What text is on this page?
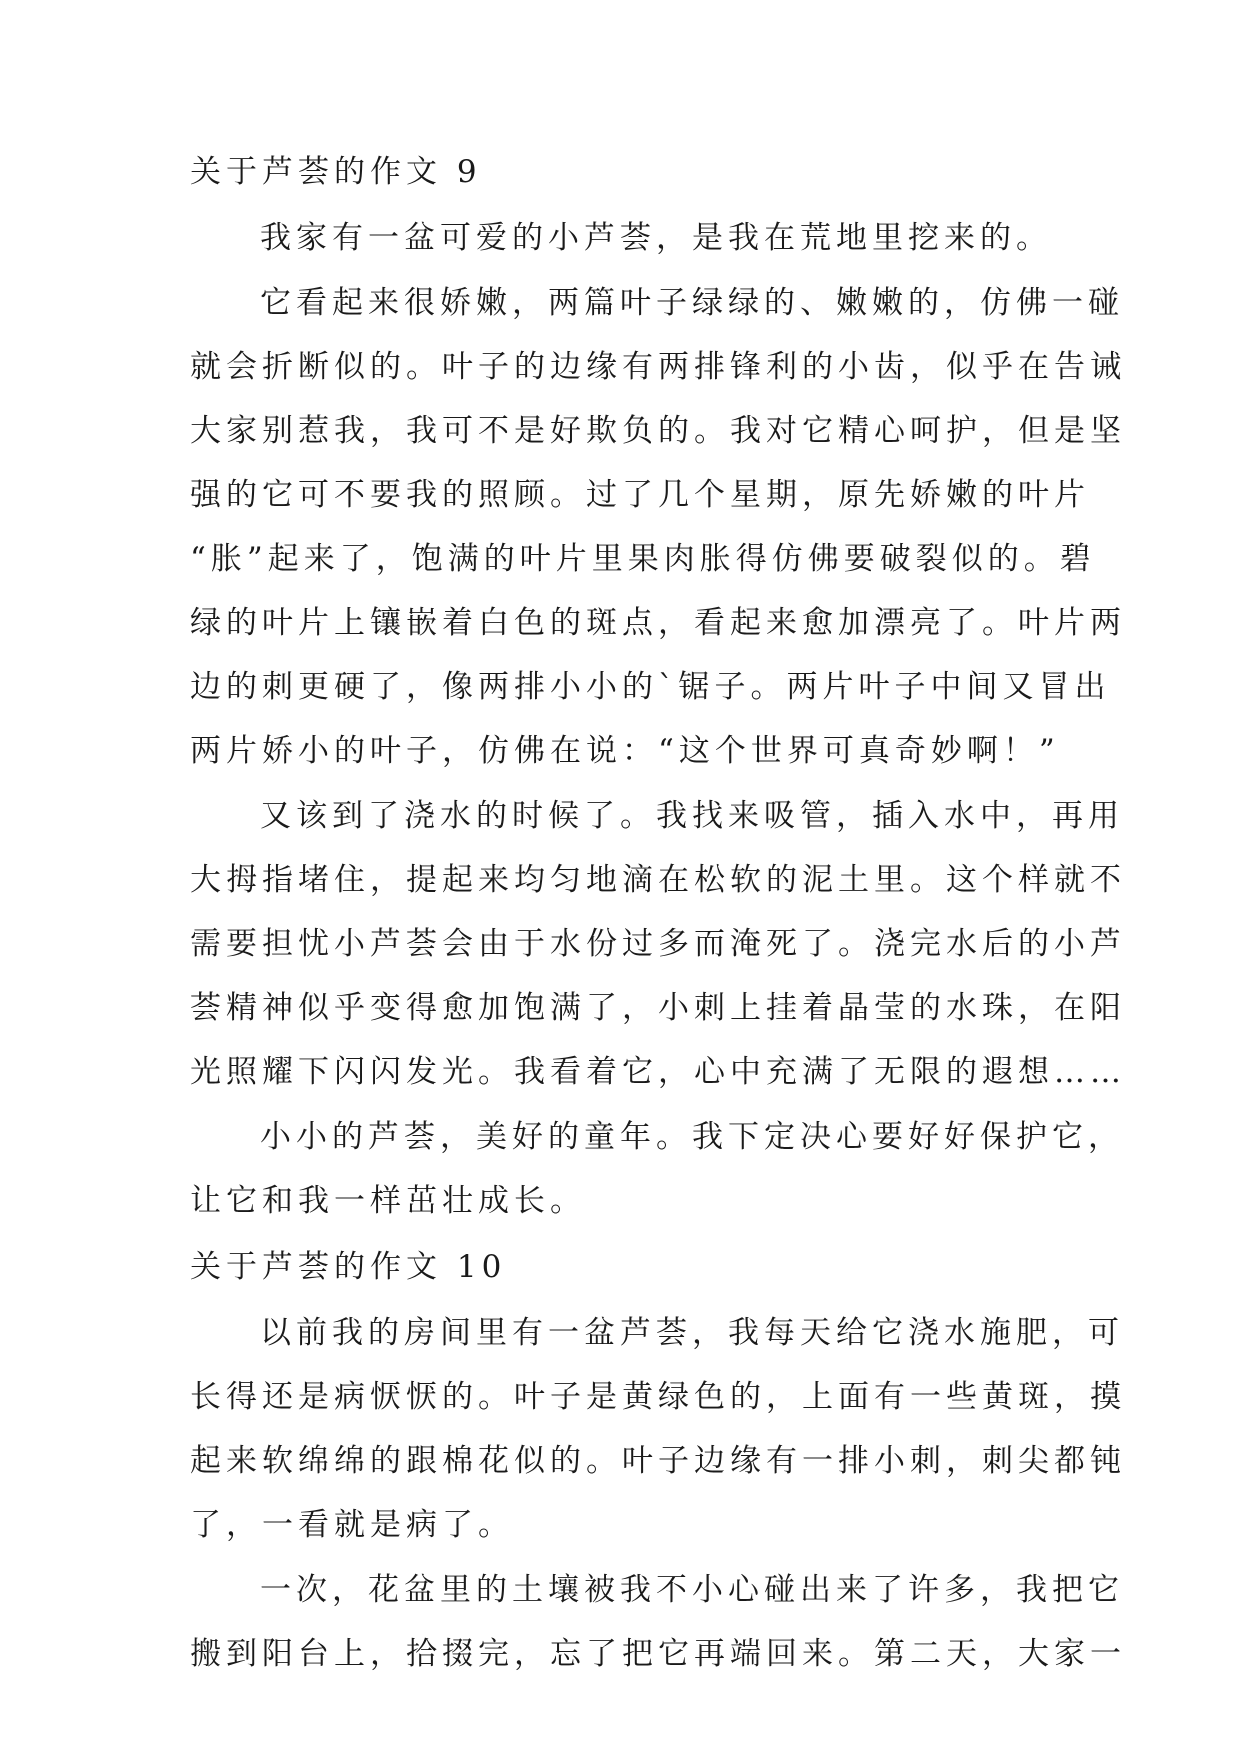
关于芦荟的作文 9
我家有一盆可爱的小芦荟，是我在荒地里挖来的。
它看起来很娇嫩，两篇叶子绿绿的、嫩嫩的，仿佛一碰
就会折断似的。叶子的边缘有两排锋利的小齿，似乎在告诫
大家别惹我，我可不是好欺负的。我对它精心呵护，但是坚
强的它可不要我的照顾。过了几个星期，原先娇嫩的叶片
“胀”起来了，饱满的叶片里果肉胀得仿佛要破裂似的。碧
绿的叶片上镶嵌着白色的斑点，看起来愈加漂亮了。叶片两
边的刺更硬了，像两排小小的`锯子。两片叶子中间又冒出
两片娇小的叶子，仿佛在说：“这个世界可真奇妙啊！”
又该到了浇水的时候了。我找来吸管，插入水中，再用
大拇指堵住，提起来均匀地滴在松软的泥土里。这个样就不
需要担忧小芦荟会由于水份过多而淹死了。浇完水后的小芦
荟精神似乎变得愈加饱满了，小刺上挂着晶莹的水珠，在阳
光照耀下闪闪发光。我看着它，心中充满了无限的遐想……
小小的芦荟，美好的童年。我下定决心要好好保护它，
让它和我一样茁壮成长。
关于芦荟的作文 10
以前我的房间里有一盆芦荟，我每天给它浇水施肥，可
长得还是病恹恹的。叶子是黄绿色的，上面有一些黄斑，摸
起来软绵绵的跟棉花似的。叶子边缘有一排小刺，刺尖都钝
了，一看就是病了。
一次，花盆里的土壤被我不小心碰出来了许多，我把它
搬到阳台上，拾掇完，忘了把它再端回来。第二天，大家一
